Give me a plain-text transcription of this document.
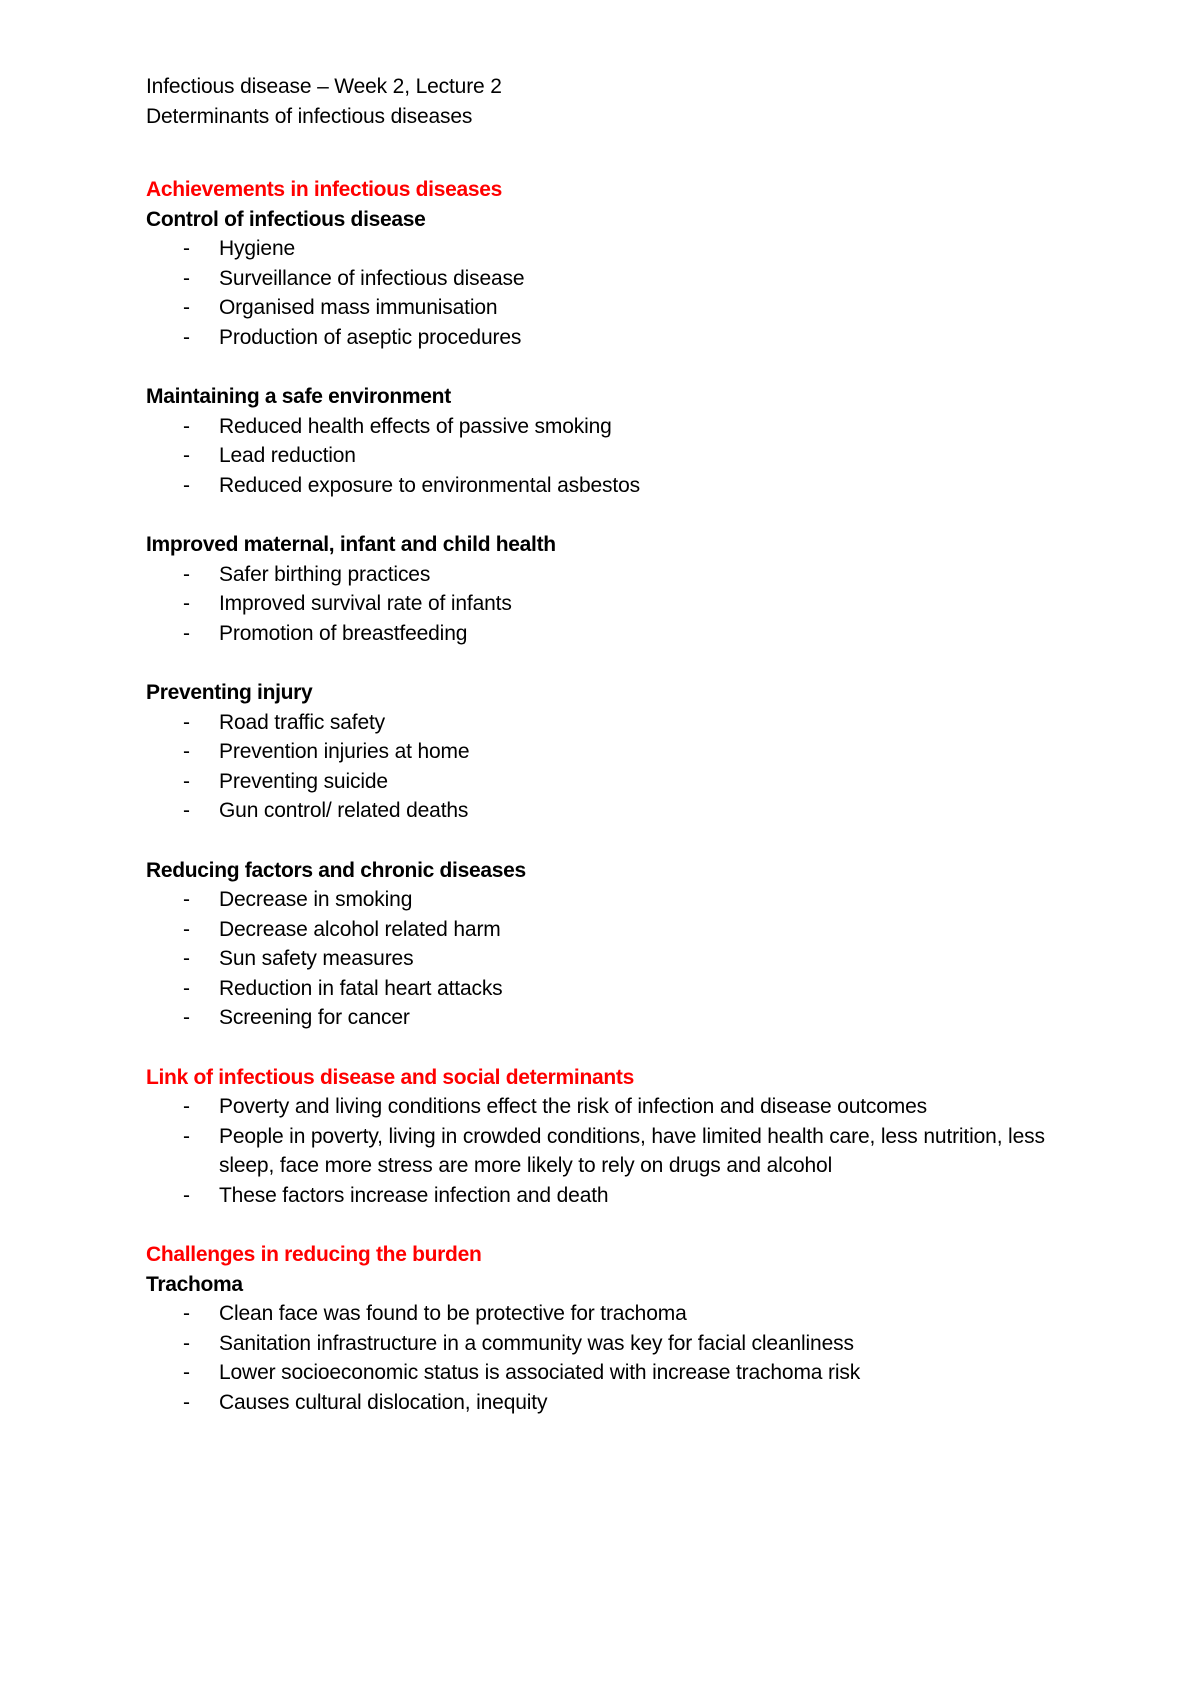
Infectious disease – Week 2, Lecture 2
Determinants of infectious diseases
Achievements in infectious diseases
Control of infectious disease
- Hygiene
- Surveillance of infectious disease
- Organised mass immunisation
- Production of aseptic procedures
Maintaining a safe environment
- Reduced health effects of passive smoking
- Lead reduction
- Reduced exposure to environmental asbestos
Improved maternal, infant and child health
- Safer birthing practices
- Improved survival rate of infants
- Promotion of breastfeeding
Preventing injury
- Road traffic safety
- Prevention injuries at home
- Preventing suicide
- Gun control/ related deaths
Reducing factors and chronic diseases
- Decrease in smoking
- Decrease alcohol related harm
- Sun safety measures
- Reduction in fatal heart attacks
- Screening for cancer
Link of infectious disease and social determinants
- Poverty and living conditions effect the risk of infection and disease outcomes
- People in poverty, living in crowded conditions, have limited health care, less nutrition, less sleep, face more stress are more likely to rely on drugs and alcohol
- These factors increase infection and death
Challenges in reducing the burden
Trachoma
- Clean face was found to be protective for trachoma
- Sanitation infrastructure in a community was key for facial cleanliness
- Lower socioeconomic status is associated with increase trachoma risk
- Causes cultural dislocation, inequity
